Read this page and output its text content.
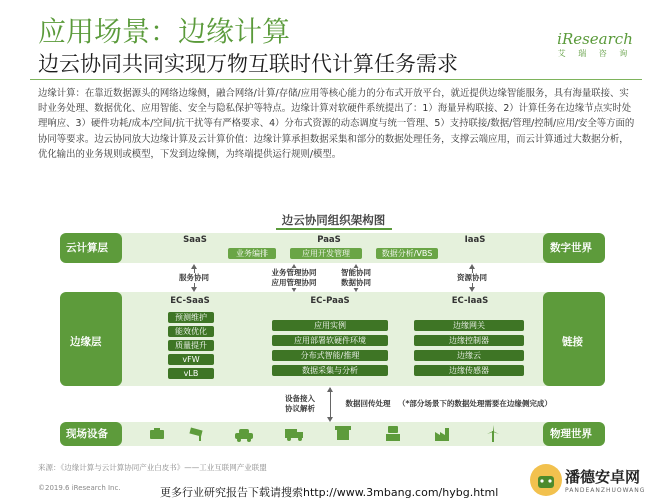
应用场景：边缘计算
边云协同共同实现万物互联时代计算任务需求
iResearch
艾 瑞 咨 询

边缘计算：在靠近数据源头的网络边缘侧，融合网络/计算/存储/应用等核心能力的分布式开放平台，就近提供边缘智能服务，具有海量联接、实时业务处理、数据优化、应用智能、安全与隐私保护等特点。边缘计算对软硬件系统提出了：1）海量异构联接、2）计算任务在边缘节点实时处理响应、3）硬件功耗/成本/空间/抗干扰等有严格要求、4）分布式资源的动态调度与统一管理、5）支持联接/数据/管理/控制/应用/安全等方面的协同等要求。边云协同放大边缘计算及云计算价值：边缘计算承担数据采集和部分的数据处理任务，支撑云端应用，而云计算通过大数据分析，优化输出的业务规则或模型，下发到边缘侧，为终端提供运行规则/模型。

边云协同组织架构图
云计算层	数字世界
SaaS
业务编排
PaaS
应用开发管理
IaaS
数据分析/VBS
服务协同
业务管理协同
应用管理协同
智能协同
数据协同
资源协同
边缘层	链接
EC-SaaS
预测维护
能效优化
质量提升
vFW
vLB
EC-PaaS
应用实例
应用部署软硬件环境
分布式智能/推理
数据采集与分析
EC-IaaS
边缘网关
边缘控制器
边缘云
边缘传感器
设备接入
协议解析
数据回传处理	（*部分场景下的数据处理需要在边缘侧完成）
现场设备	物理世界
来源：《边缘计算与云计算协同产业白皮书》——工业互联网产业联盟
©2019.6 iResearch Inc.	更多行业研究报告下载请搜索http://www.3mbang.com/hybg.html
潘德安卓网
PANDEANZHUOWANG
